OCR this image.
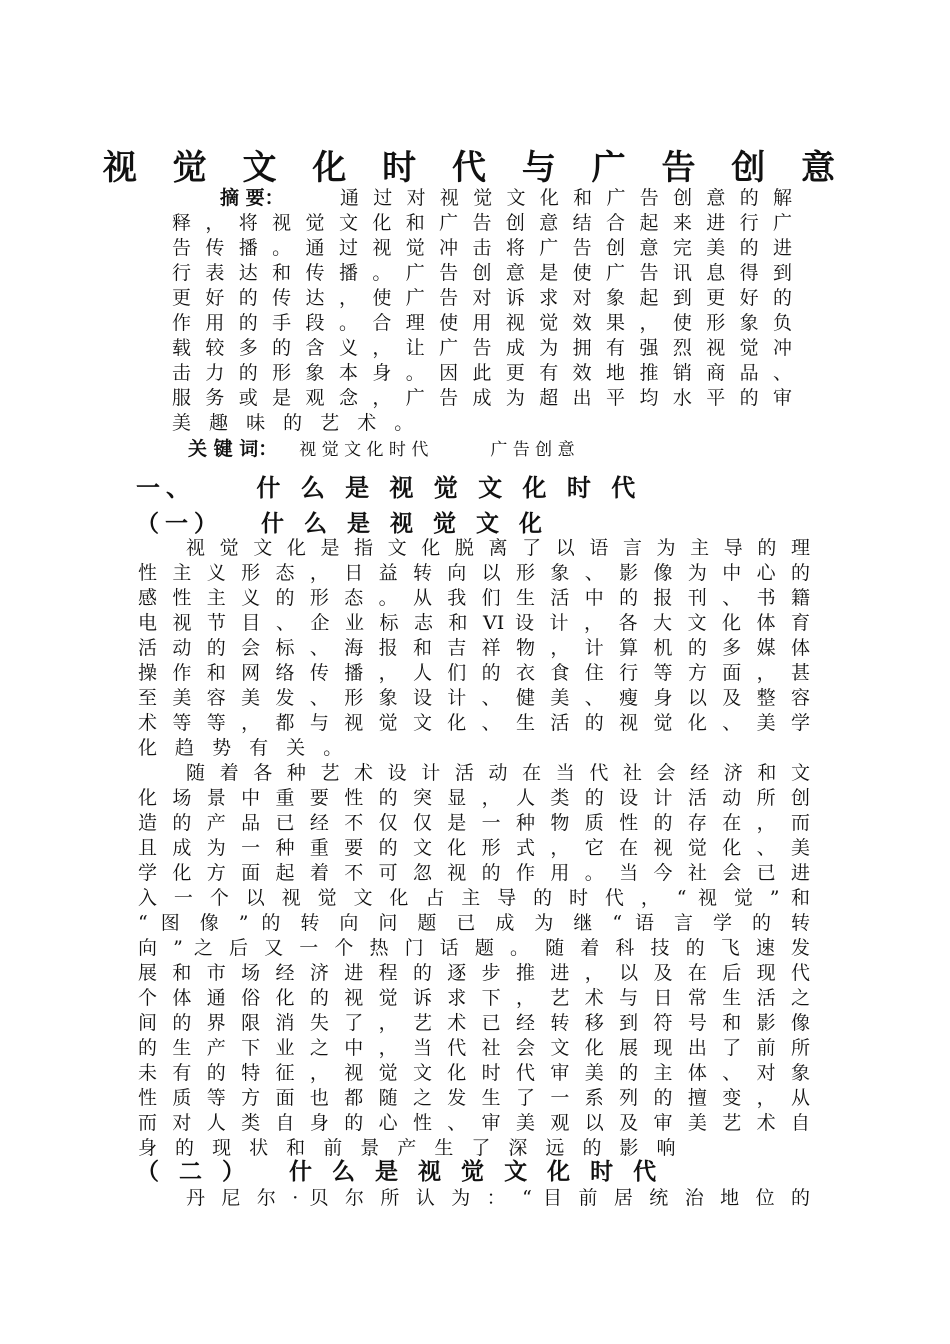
视 觉 文 化 时 代 与 广 告 创 意
摘 要：	通 过 对 视 觉 文 化 和 广 告 创 意 的 解
释 ， 将 视 觉 文 化 和 广 告 创 意 结 合 起 来 进 行 广
告 传 播 。 通 过 视 觉 冲 击 将 广 告 创 意 完 美 的 进
行 表 达 和 传 播 。 广 告 创 意 是 使 广 告 讯 息 得 到
更 好 的 传 达 ， 使 广 告 对 诉 求 对 象 起 到 更 好 的
作 用 的 手 段 。 合 理 使 用 视 觉 效 果 ， 使 形 象 负
载 较 多 的 含 义 ， 让 广 告 成 为 拥 有 强 烈 视 觉 冲
击 力 的 形 象 本 身 。 因 此 更 有 效 地 推 销 商 品 、
服 务 或 是 观 念 ， 广 告 成 为 超 出 平 均 水 平 的 审
美 趣 味 的 艺 术 。
关 键 词： 视 觉 文 化 时 代	广 告 创 意
一、	什 么 是 视 觉 文 化 时 代
（一） 什 么 是 视 觉 文 化
视 觉 文 化 是 指 文 化 脱 离 了 以 语 言 为 主 导 的 理
性 主 义 形 态 ， 日 益 转 向 以 形 象 、 影 像 为 中 心 的
感 性 主 义 的 形 态 。 从 我 们 生 活 中 的 报 刊 、 书 籍
电 视 节 目 、 企 业 标 志 和 VI 设 计 ， 各 大 文 化 体 育
活 动 的 会 标 、 海 报 和 吉 祥 物 ， 计 算 机 的 多 媒 体
操 作 和 网 络 传 播 ， 人 们 的 衣 食 住 行 等 方 面 ， 甚
至 美 容 美 发 、 形 象 设 计 、 健 美 、 瘦 身 以 及 整 容
术 等 等 ， 都 与 视 觉 文 化 、 生 活 的 视 觉 化 、 美 学
化 趋 势 有 关 。
随 着 各 种 艺 术 设 计 活 动 在 当 代 社 会 经 济 和 文
化 场 景 中 重 要 性 的 突 显 ， 人 类 的 设 计 活 动 所 创
造 的 产 品 已 经 不 仅 仅 是 一 种 物 质 性 的 存 在 ， 而
且 成 为 一 种 重 要 的 文 化 形 式 ， 它 在 视 觉 化 、 美
学 化 方 面 起 着 不 可 忽 视 的 作 用 。 当 今 社 会 已 进
入 一 个 以 视 觉 文 化 占 主 导 的 时 代 ， “ 视 觉 ” 和
“ 图 像 ” 的 转 向 问 题 已 成 为 继 “ 语 言 学 的 转
向 ” 之 后 又 一 个 热 门 话 题 。 随 着 科 技 的 飞 速 发
展 和 市 场 经 济 进 程 的 逐 步 推 进 ， 以 及 在 后 现 代
个 体 通 俗 化 的 视 觉 诉 求 下 ， 艺 术 与 日 常 生 活 之
间 的 界 限 消 失 了 ， 艺 术 已 经 转 移 到 符 号 和 影 像
的 生 产 下 业 之 中 ， 当 代 社 会 文 化 展 现 出 了 前 所
未 有 的 特 征 ， 视 觉 文 化 时 代 审 美 的 主 体 、 对 象
性 质 等 方 面 也 都 随 之 发 生 了 一 系 列 的 擅 变 ， 从
而 对 人 类 自 身 的 心 性 、 审 美 观 以 及 审 美 艺 术 自
身 的 现 状 和 前 景 产 生 了 深 远 的 影 响
（ 二 ） 什 么 是 视 觉 文 化 时 代
丹 尼 尔 · 贝 尔 所 认 为 ： “ 目 前 居 统 治 地 位 的
